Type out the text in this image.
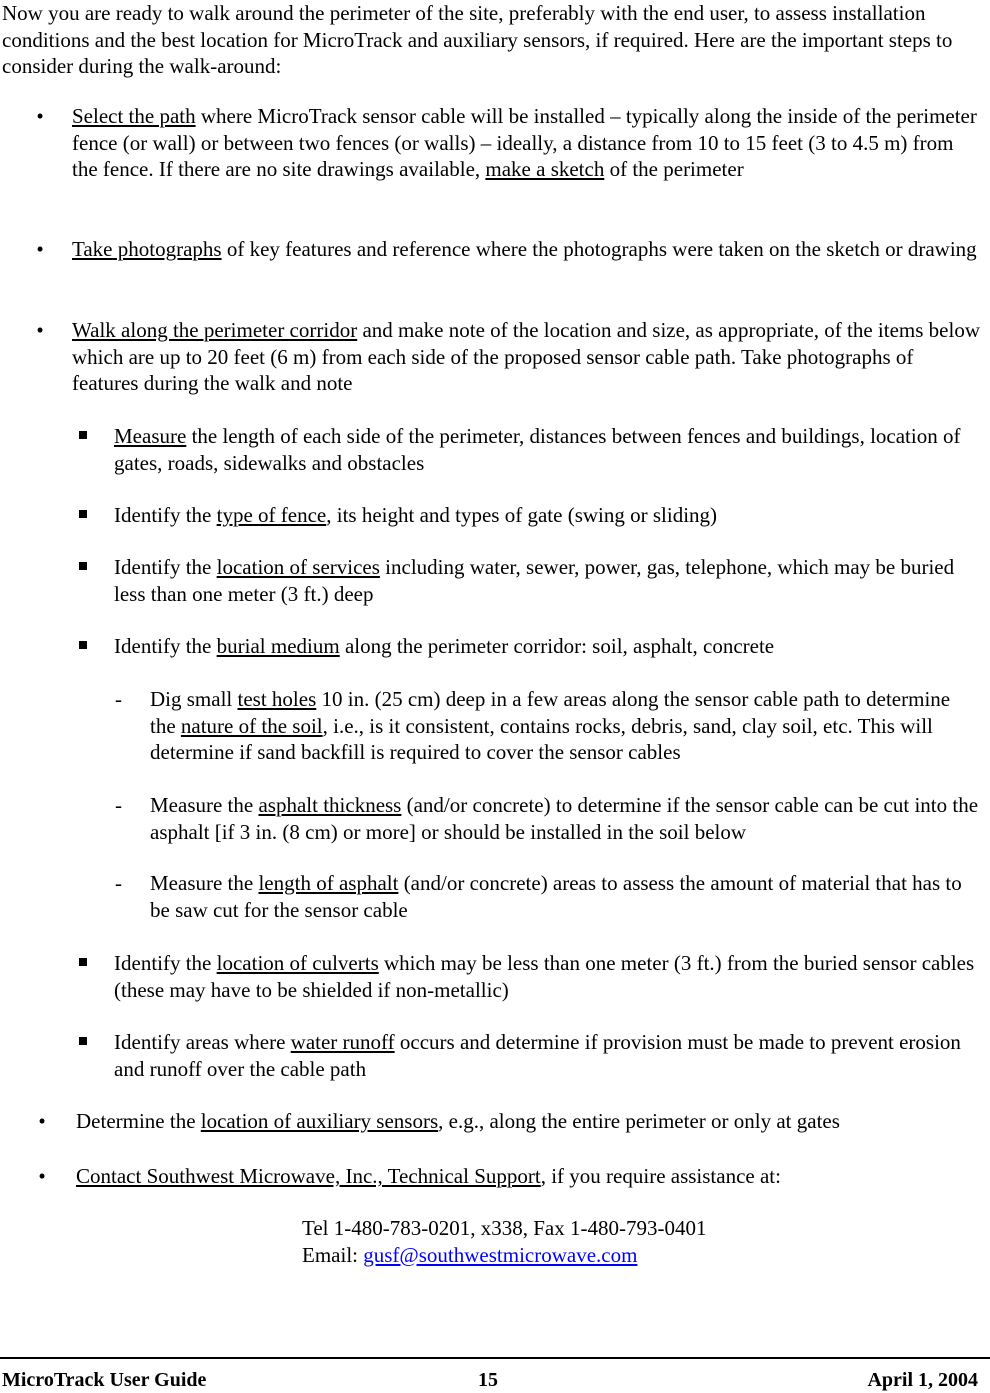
Now you are ready to walk around the perimeter of the site, preferably with the end user, to assess installation conditions and the best location for MicroTrack and auxiliary sensors, if required. Here are the important steps to consider during the walk-around:

• Select the path where MicroTrack sensor cable will be installed – typically along the inside of the perimeter fence (or wall) or between two fences (or walls) – ideally, a distance from 10 to 15 feet (3 to 4.5 m) from the fence. If there are no site drawings available, make a sketch of the perimeter
• Take photographs of key features and reference where the photographs were taken on the sketch or drawing
• Walk along the perimeter corridor and make note of the location and size, as appropriate, of the items below which are up to 20 feet (6 m) from each side of the proposed sensor cable path. Take photographs of features during the walk and note
Measure the length of each side of the perimeter, distances between fences and buildings, location of gates, roads, sidewalks and obstacles
Identify the type of fence, its height and types of gate (swing or sliding)
Identify the location of services including water, sewer, power, gas, telephone, which may be buried less than one meter (3 ft.) deep
Identify the burial medium along the perimeter corridor: soil, asphalt, concrete
- Dig small test holes 10 in. (25 cm) deep in a few areas along the sensor cable path to determine the nature of the soil, i.e., is it consistent, contains rocks, debris, sand, clay soil, etc. This will determine if sand backfill is required to cover the sensor cables
- Measure the asphalt thickness (and/or concrete) to determine if the sensor cable can be cut into the asphalt [if 3 in. (8 cm) or more] or should be installed in the soil below
- Measure the length of asphalt (and/or concrete) areas to assess the amount of material that has to be saw cut for the sensor cable
Identify the location of culverts which may be less than one meter (3 ft.) from the buried sensor cables (these may have to be shielded if non-metallic)
Identify areas where water runoff occurs and determine if provision must be made to prevent erosion and runoff over the cable path
• Determine the location of auxiliary sensors, e.g., along the entire perimeter or only at gates
• Contact Southwest Microwave, Inc., Technical Support, if you require assistance at:
Tel 1-480-783-0201, x338, Fax 1-480-793-0401
Email: gusf@southwestmicrowave.com
MicroTrack User Guide	15	April 1, 2004
